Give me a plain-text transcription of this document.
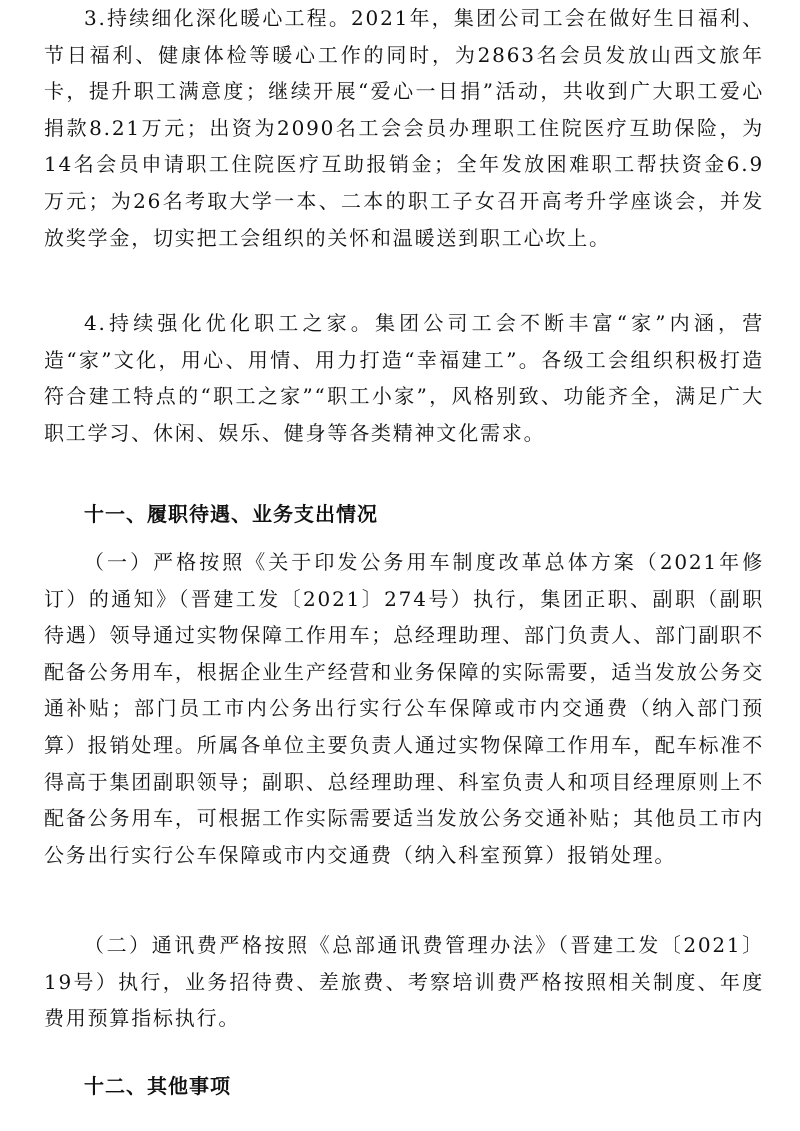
3.持续细化深化暖心工程。2021年，集团公司工会在做好生日福利、节日福利、健康体检等暖心工作的同时，为2863名会员发放山西文旅年卡，提升职工满意度；继续开展“爱心一日捐”活动，共收到广大职工爱心捐款8.21万元；出资为2090名工会会员办理职工住院医疗互助保险，为14名会员申请职工住院医疗互助报销金；全年发放困难职工帮扶资金6.9万元；为26名考取大学一本、二本的职工子女召开高考升学座谈会，并发放奖学金，切实把工会组织的关怀和温暖送到职工心坎上。

4.持续强化优化职工之家。集团公司工会不断丰富“家”内涵，营造“家”文化，用心、用情、用力打造“幸福建工”。各级工会组织积极打造符合建工特点的“职工之家”“职工小家”，风格别致、功能齐全，满足广大职工学习、休闲、娱乐、健身等各类精神文化需求。

十一、履职待遇、业务支出情况

（一）严格按照《关于印发公务用车制度改革总体方案（2021年修订）的通知》（晋建工发〔2021〕274号）执行，集团正职、副职（副职待遇）领导通过实物保障工作用车；总经理助理、部门负责人、部门副职不配备公务用车，根据企业生产经营和业务保障的实际需要，适当发放公务交通补贴；部门员工市内公务出行实行公车保障或市内交通费（纳入部门预算）报销处理。所属各单位主要负责人通过实物保障工作用车，配车标准不得高于集团副职领导；副职、总经理助理、科室负责人和项目经理原则上不配备公务用车，可根据工作实际需要适当发放公务交通补贴；其他员工市内公务出行实行公车保障或市内交通费（纳入科室预算）报销处理。

（二）通讯费严格按照《总部通讯费管理办法》（晋建工发〔2021〕19号）执行，业务招待费、差旅费、考察培训费严格按照相关制度、年度费用预算指标执行。

十二、其他事项
